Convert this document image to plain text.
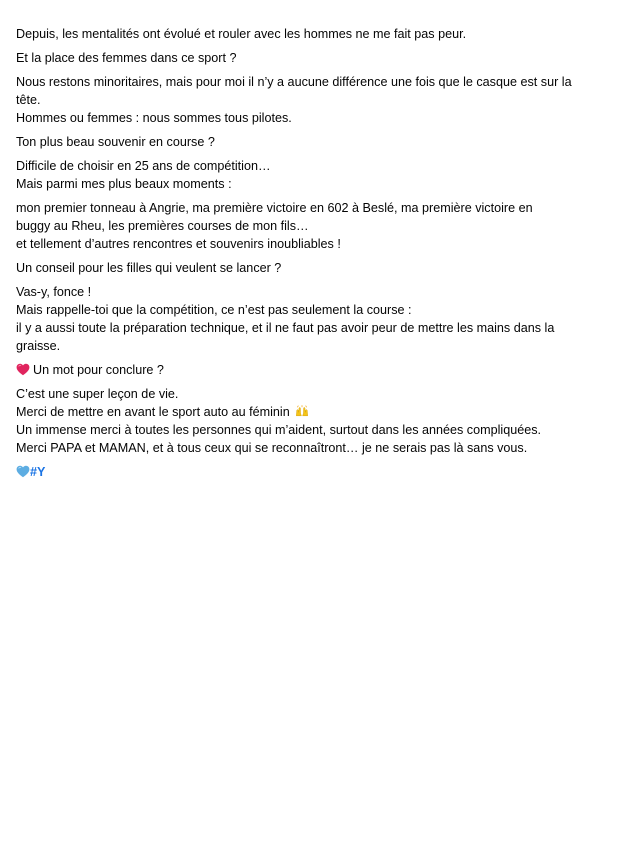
Depuis, les mentalités ont évolué et rouler avec les hommes ne me fait pas peur.

Et la place des femmes dans ce sport ?

Nous restons minoritaires, mais pour moi il n’y a aucune différence une fois que le casque est sur la
tête.
Hommes ou femmes : nous sommes tous pilotes.

Ton plus beau souvenir en course ?

Difficile de choisir en 25 ans de compétition…
Mais parmi mes plus beaux moments :

mon premier tonneau à Angrie, ma première victoire en 602 à Beslé, ma première victoire en
buggy au Rheu, les premières courses de mon fils…
et tellement d’autres rencontres et souvenirs inoubliables !

Un conseil pour les filles qui veulent se lancer ?

Vas-y, fonce !
Mais rappelle-toi que la compétition, ce n’est pas seulement la course :
il y a aussi toute la préparation technique, et il ne faut pas avoir peur de mettre les mains dans la
graisse.

Un mot pour conclure ?

C’est une super leçon de vie.
Merci de mettre en avant le sport auto au féminin
Un immense merci à toutes les personnes qui m’aident, surtout dans les années compliquées.
Merci PAPA et MAMAN, et à tous ceux qui se reconnaîtront… je ne serais pas là sans vous.

#Y
